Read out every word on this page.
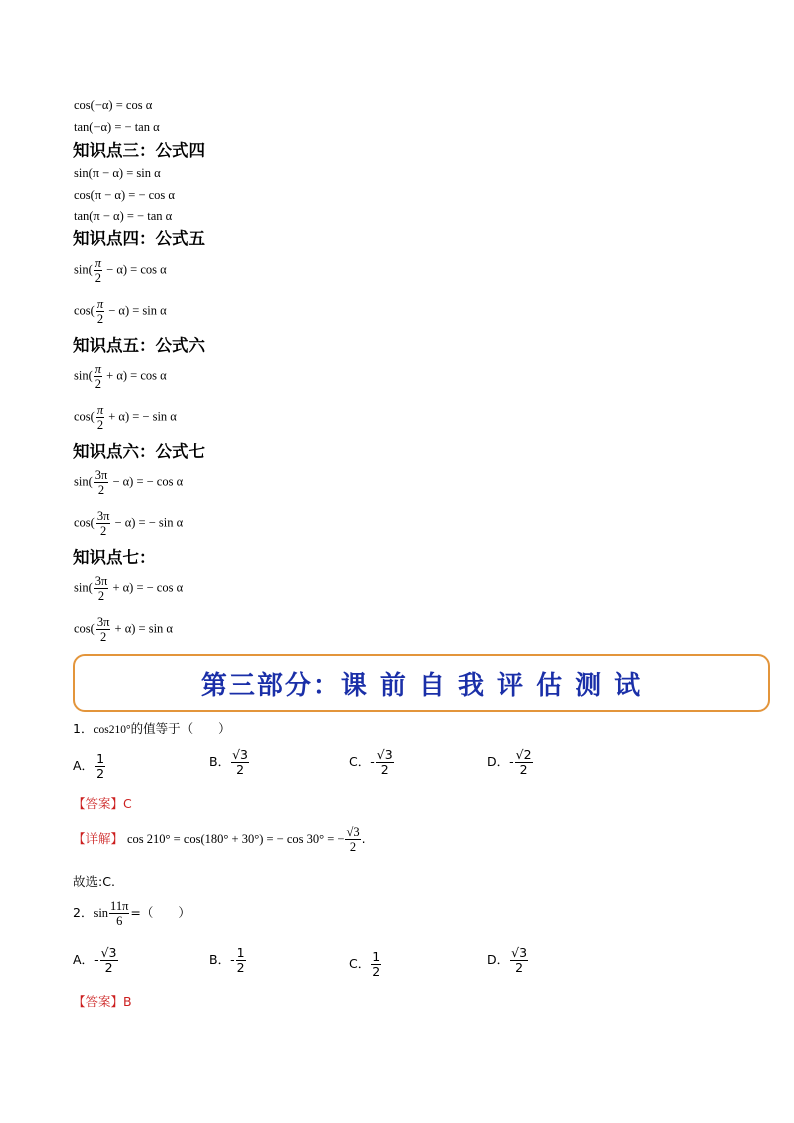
cos(−α) = cos α
tan(−α) = − tan α
知识点三：公式四
sin(π − α) = sin α
cos(π − α) = − cos α
tan(π − α) = − tan α
知识点四：公式五
$\sin( \frac{\pi}{2} - \alpha) = \cos \alpha$
$\cos( \frac{\pi}{2} - \alpha) = \sin \alpha$
知识点五：公式六
$\sin( \frac{\pi}{2} + \alpha) = \cos \alpha$
$\cos( \frac{\pi}{2} + \alpha)$ = − sin α
知识点六：公式七
$\sin( \frac{3\pi}{2} - \alpha)$ = − cos α
$\cos( \frac{3\pi}{2} - \alpha)$ = − sin α
知识点七：
$\sin( \frac{3\pi}{2} + \alpha)$ = − cos α
$\cos( \frac{3\pi}{2} + \alpha) = \sin \alpha$
第三部分：课 前 自 我 评 估 测 试
1．cos210°的值等于（　　）
A． $\frac{1}{2}$	B． $\frac{√3}{2}$	C．- $\frac{√3}{2}$	D．- $\frac{√2}{2}$
【答案】C
【详解】 cos 210° = cos(180° + 30°) = − cos 30° = − $\frac{√3}{2}$ .
故选:C.
2．$\sin \frac{11\pi}{6}$ =（　　）
A．- $\frac{√3}{2}$	B．- $\frac{1}{2}$	C． $\frac{1}{2}$	D． $\frac{√3}{2}$
【答案】B
